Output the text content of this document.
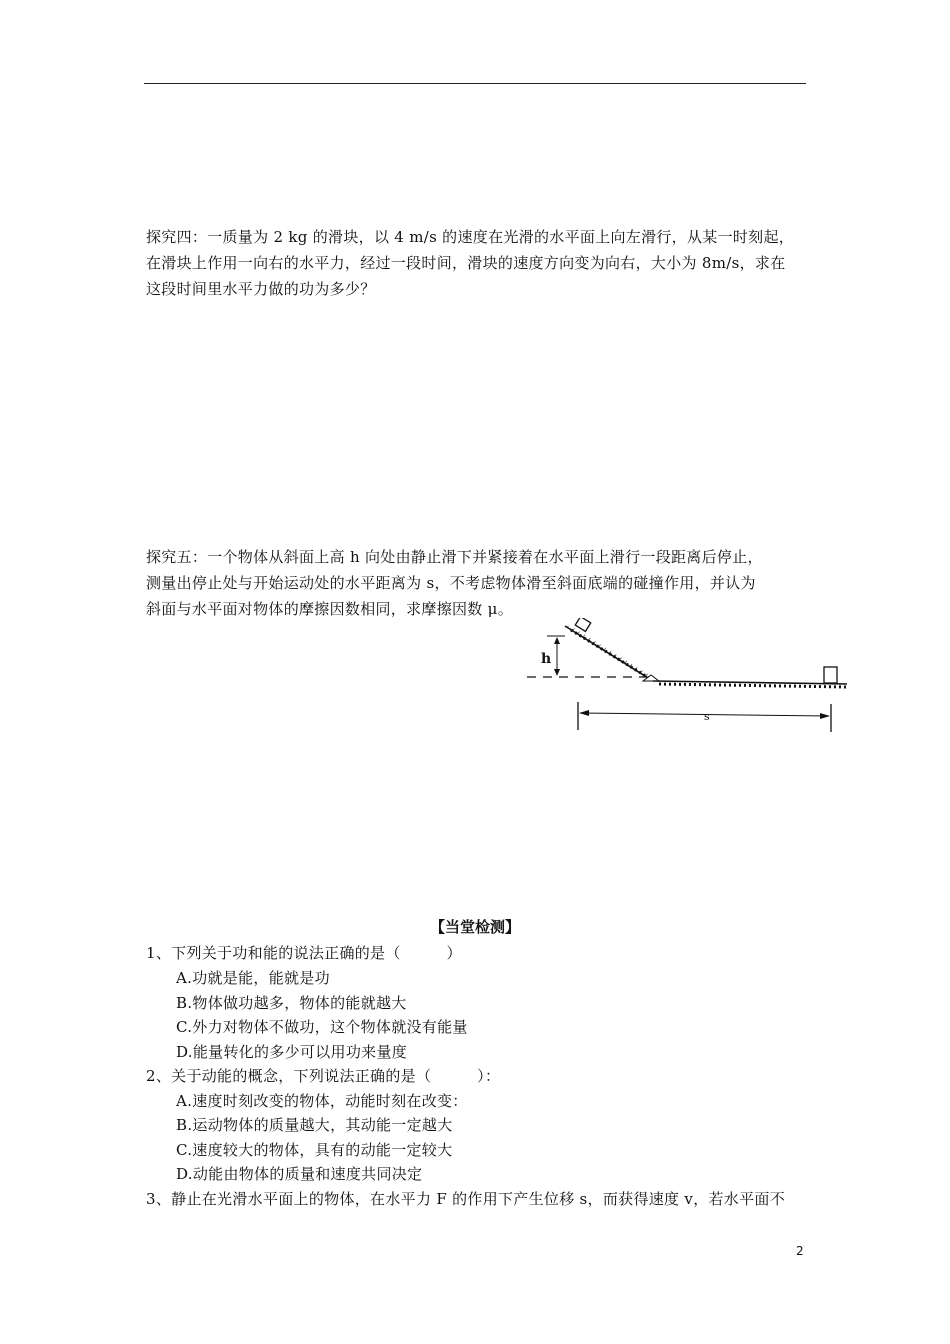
探究四：一质量为 2 kg 的滑块，以 4 m/s 的速度在光滑的水平面上向左滑行，从某一时刻起，
在滑块上作用一向右的水平力，经过一段时间，滑块的速度方向变为向右，大小为 8m/s，求在
这段时间里水平力做的功为多少？
探究五：一个物体从斜面上高 h 向处由静止滑下并紧接着在水平面上滑行一段距离后停止，
测量出停止处与开始运动处的水平距离为 s，不考虑物体滑至斜面底端的碰撞作用，并认为
斜面与水平面对物体的摩擦因数相同，求摩擦因数 μ。
h
s
【当堂检测】
1、下列关于功和能的说法正确的是（　　　）
A.功就是能，能就是功
B.物体做功越多，物体的能就越大
C.外力对物体不做功，这个物体就没有能量
D.能量转化的多少可以用功来量度
2、关于动能的概念，下列说法正确的是（　　　）：
A.速度时刻改变的物体，动能时刻在改变：
B.运动物体的质量越大，其动能一定越大
C.速度较大的物体，具有的动能一定较大
D.动能由物体的质量和速度共同决定
3、静止在光滑水平面上的物体，在水平力 F 的作用下产生位移 s，而获得速度 v，若水平面不
2
